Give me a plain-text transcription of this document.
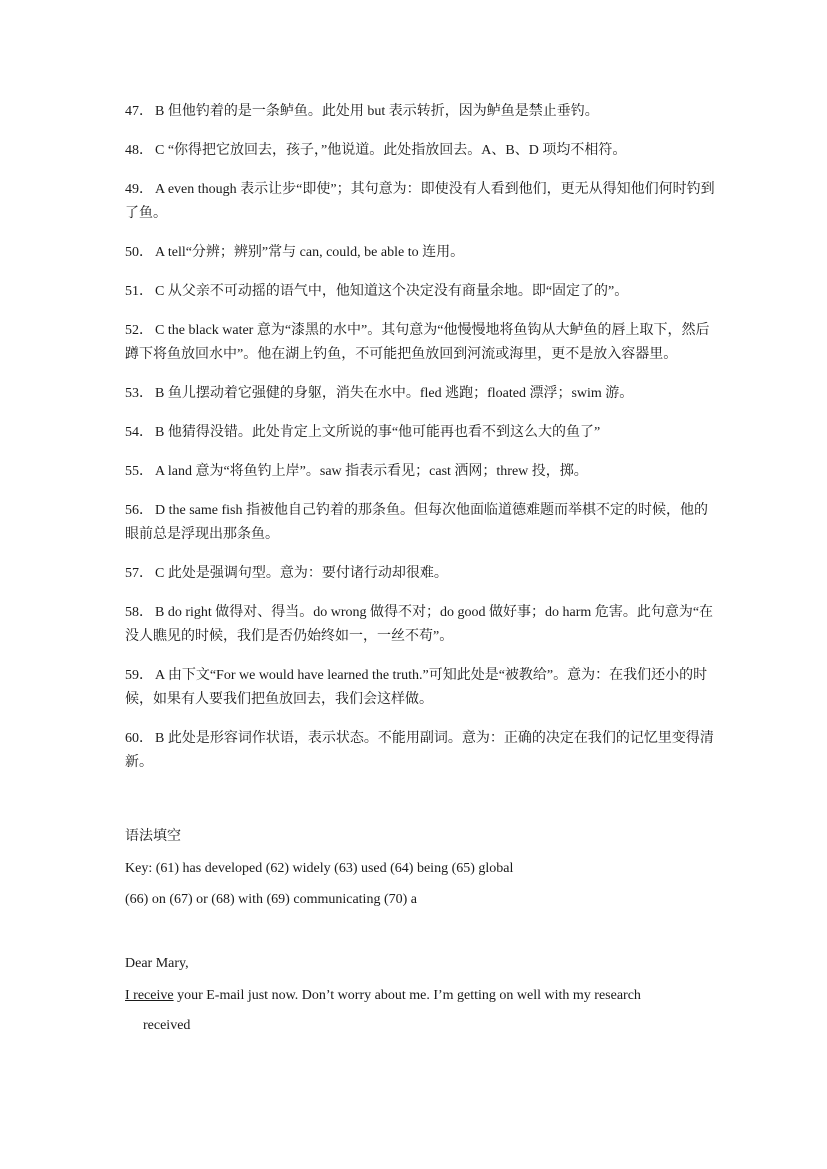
47． B 但他钓着的是一条鲈鱼。此处用 but 表示转折，因为鲈鱼是禁止垂钓。
48． C “你得把它放回去，孩子，”他说道。此处指放回去。A、B、D 项均不相符。
49． A even though 表示让步“即使”；其句意为：即使没有人看到他们，更无从得知他们何时钓到了鱼。
50． A tell“分辨；辨别”常与 can, could, be able to 连用。
51． C 从父亲不可动摇的语气中，他知道这个决定没有商量余地。即“固定了的”。
52． C the black water 意为“漆黑的水中”。其句意为“他慢慢地将鱼钩从大鲈鱼的唇上取下，然后蹲下将鱼放回水中”。他在湖上钓鱼，不可能把鱼放回到河流或海里，更不是放入容器里。
53． B 鱼儿摆动着它强健的身躯，消失在水中。fled 逃跑；floated 漂浮；swim 游。
54． B 他猜得没错。此处肯定上文所说的事“他可能再也看不到这么大的鱼了”
55． A land 意为“将鱼钓上岸”。saw 指表示看见；cast 洒网；threw 投，掷。
56． D the same fish 指被他自己钓着的那条鱼。但每次他面临道德难题而举棋不定的时候，他的眼前总是浮现出那条鱼。
57． C 此处是强调句型。意为：要付诸行动却很难。
58． B do right 做得对、得当。do wrong 做得不对；do good 做好事；do harm 危害。此句意为“在没人瞧见的时候，我们是否仍始终如一，一丝不苟”。
59． A 由下文“For we would have learned the truth.”可知此处是“被教给”。意为：在我们还小的时候，如果有人要我们把鱼放回去，我们会这样做。
60． B 此处是形容词作状语，表示状态。不能用副词。意为：正确的决定在我们的记忆里变得清新。
语法填空
Key: (61) has developed (62) widely (63) used (64) being (65) global
(66) on (67) or (68) with (69) communicating (70) a
Dear Mary,
I receive your E-mail just now. Don’t worry about me. I’m getting on well with my research
received
